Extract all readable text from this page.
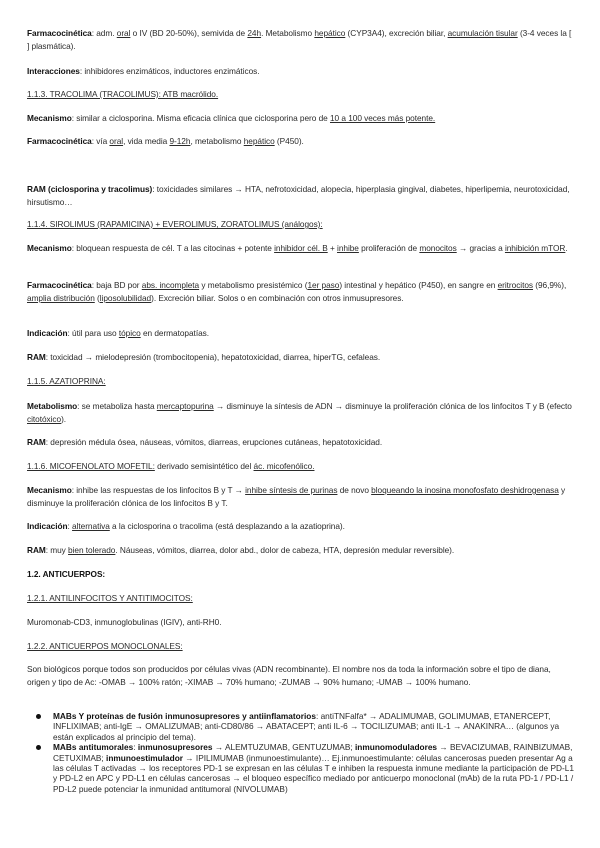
Farmacocinética: adm. oral o IV (BD 20-50%), semivida de 24h. Metabolismo hepático (CYP3A4), excreción biliar, acumulación tisular (3-4 veces la [ ] plasmática).

Interacciones: inhibidores enzimáticos, inductores enzimáticos.

1.1.3. TRACOLIMA (TRACOLIMUS): ATB macrólido.

Mecanismo: similar a ciclosporina. Misma eficacia clínica que ciclosporina pero de 10 a 100 veces más potente.

Farmacocinética: vía oral, vida media 9-12h, metabolismo hepático (P450).

RAM (ciclosporina y tracolimus): toxicidades similares → HTA, nefrotoxicidad, alopecia, hiperplasia gingival, diabetes, hiperlipemia, neurotoxicidad, hirsutismo…

1.1.4. SIROLIMUS (RAPAMICINA) + EVEROLIMUS, ZORATOLIMUS (análogos):

Mecanismo: bloquean respuesta de cél. T a las citocinas + potente inhibidor cél. B + inhibe proliferación de monocitos → gracias a inhibición mTOR.

Farmacocinética: baja BD por abs. incompleta y metabolismo presistémico (1er paso) intestinal y hepático (P450), en sangre en eritrocitos (96,9%), amplia distribución (liposolubilidad). Excreción biliar. Solos o en combinación con otros inmusupresores.

Indicación: útil para uso tópico en dermatopatías.

RAM: toxicidad → mielodepresión (trombocitopenia), hepatotoxicidad, diarrea, hiperTG, cefaleas.

1.1.5. AZATIOPRINA:

Metabolismo: se metaboliza hasta mercaptopurina → disminuye la síntesis de ADN → disminuye la proliferación clónica de los linfocitos T y B (efecto citotóxico).

RAM: depresión médula ósea, náuseas, vómitos, diarreas, erupciones cutáneas, hepatotoxicidad.

1.1.6. MICOFENOLATO MOFETIL: derivado semisintético del ác. micofenólico.

Mecanismo: inhibe las respuestas de los linfocitos B y T → inhibe síntesis de purinas de novo bloqueando la inosina monofosfato deshidrogenasa y disminuye la proliferación clónica de los linfocitos B y T.

Indicación: alternativa a la ciclosporina o tracolima (está desplazando a la azatioprina).

RAM: muy bien tolerado. Náuseas, vómitos, diarrea, dolor abd., dolor de cabeza, HTA, depresión medular reversible).

1.2. ANTICUERPOS:

1.2.1. ANTILINFOCITOS Y ANTITIMOCITOS:

Muromonab-CD3, inmunoglobulinas (IGIV), anti-RH0.

1.2.2. ANTICUERPOS MONOCLONALES:

Son biológicos porque todos son producidos por células vivas (ADN recombinante). El nombre nos da toda la información sobre el tipo de diana, origen y tipo de Ac: -OMAB → 100% ratón; -XIMAB → 70% humano; -ZUMAB → 90% humano; -UMAB → 100% humano.

MABs Y proteínas de fusión inmunosupresores y antiinflamatorios: antiTNFalfa* → ADALIMUMAB, GOLIMUMAB, ETANERCEPT, INFLIXIMAB; anti-IgE → OMALIZUMAB; anti-CD80/86 → ABATACEPT; anti IL-6 → TOCILIZUMAB; anti IL-1 → ANAKINRA… (algunos ya están explicados al principio del tema).
MABs antitumorales: inmunosupresores → ALEMTUZUMAB, GENTUZUMAB; inmunomoduladores → BEVACIZUMAB, RAINBIZUMAB, CETUXIMAB; inmunoestimulador → IPILIMUMAB (inmunoestimulante)… Ej.inmunoestimulante: células cancerosas pueden presentar Ag a las células T activadas → los receptores PD-1 se expresan en las células T e inhiben la respuesta inmune mediante la participación de PD-L1 y PD-L2 en APC y PD-L1 en células cancerosas → el bloqueo específico mediado por anticuerpo monoclonal (mAb) de la ruta PD-1 / PD-L1 / PD-L2 puede potenciar la inmunidad antitumoral (NIVOLUMAB)
